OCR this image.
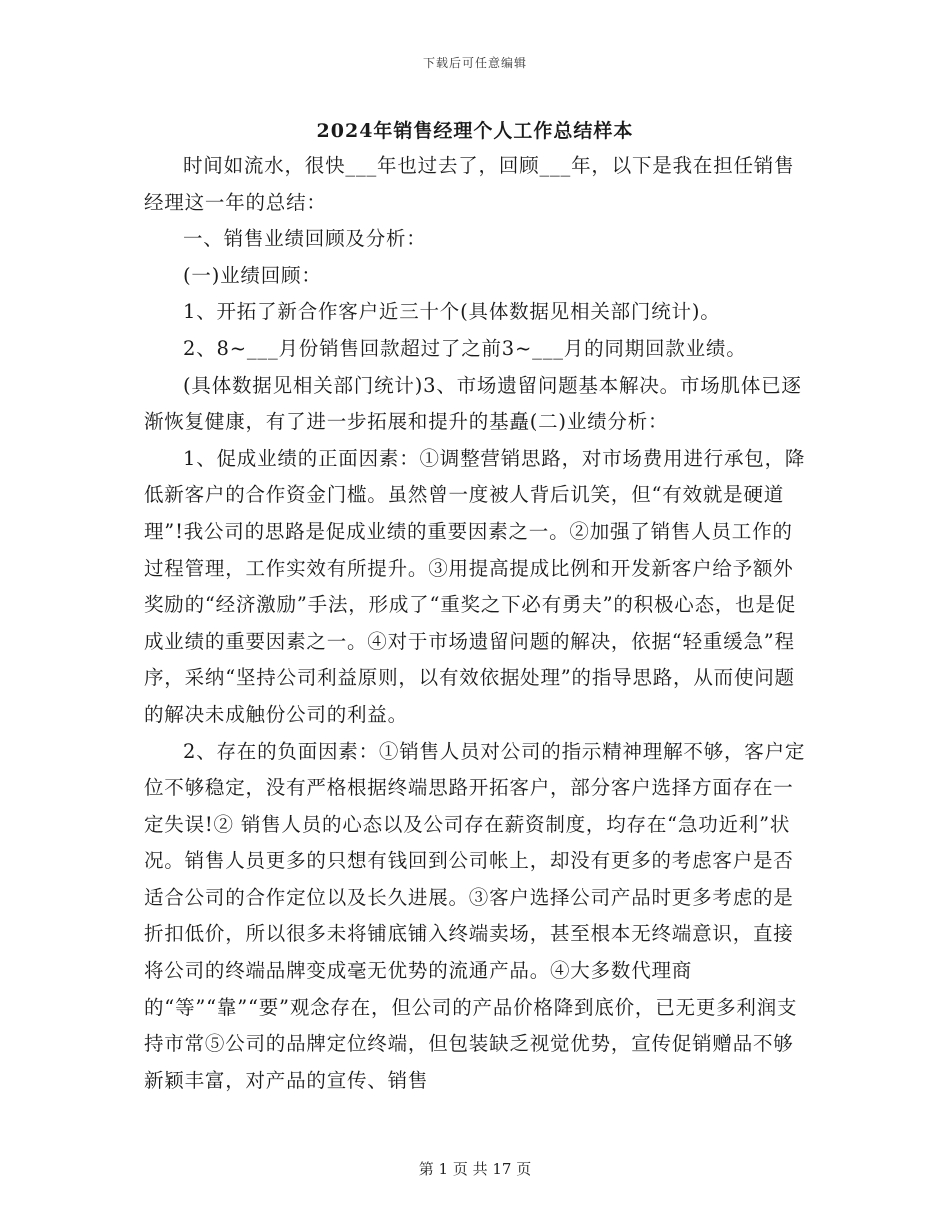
下载后可任意编辑
2024年销售经理个人工作总结样本

时间如流水，很快___年也过去了，回顾___年，以下是我在担任销售经理这一年的总结：

一、销售业绩回顾及分析：

(一)业绩回顾：

1、开拓了新合作客户近三十个(具体数据见相关部门统计)。

2、8~___月份销售回款超过了之前3~___月的同期回款业绩。

(具体数据见相关部门统计)3、市场遗留问题基本解决。市场肌体已逐渐恢复健康，有了进一步拓展和提升的基矗(二)业绩分析：

1、促成业绩的正面因素：①调整营销思路，对市场费用进行承包，降低新客户的合作资金门槛。虽然曾一度被人背后讥笑，但“有效就是硬道理”!我公司的思路是促成业绩的重要因素之一。②加强了销售人员工作的过程管理，工作实效有所提升。③用提高提成比例和开发新客户给予额外奖励的“经济激励”手法，形成了“重奖之下必有勇夫”的积极心态，也是促成业绩的重要因素之一。④对于市场遗留问题的解决，依据“轻重缓急”程序，采纳“坚持公司利益原则，以有效依据处理”的指导思路，从而使问题的解决未成触份公司的利益。

2、存在的负面因素：①销售人员对公司的指示精神理解不够，客户定位不够稳定，没有严格根据终端思路开拓客户，部分客户选择方面存在一定失误!② 销售人员的心态以及公司存在薪资制度，均存在“急功近利”状况。销售人员更多的只想有钱回到公司帐上，却没有更多的考虑客户是否适合公司的合作定位以及长久进展。③客户选择公司产品时更多考虑的是折扣低价，所以很多未将铺底铺入终端卖场，甚至根本无终端意识，直接将公司的终端品牌变成毫无优势的流通产品。④大多数代理商的“等”“靠”“要”观念存在，但公司的产品价格降到底价，已无更多利润支持市常⑤公司的品牌定位终端，但包装缺乏视觉优势，宣传促销赠品不够新颖丰富，对产品的宣传、销售

第 1 页 共 17 页
